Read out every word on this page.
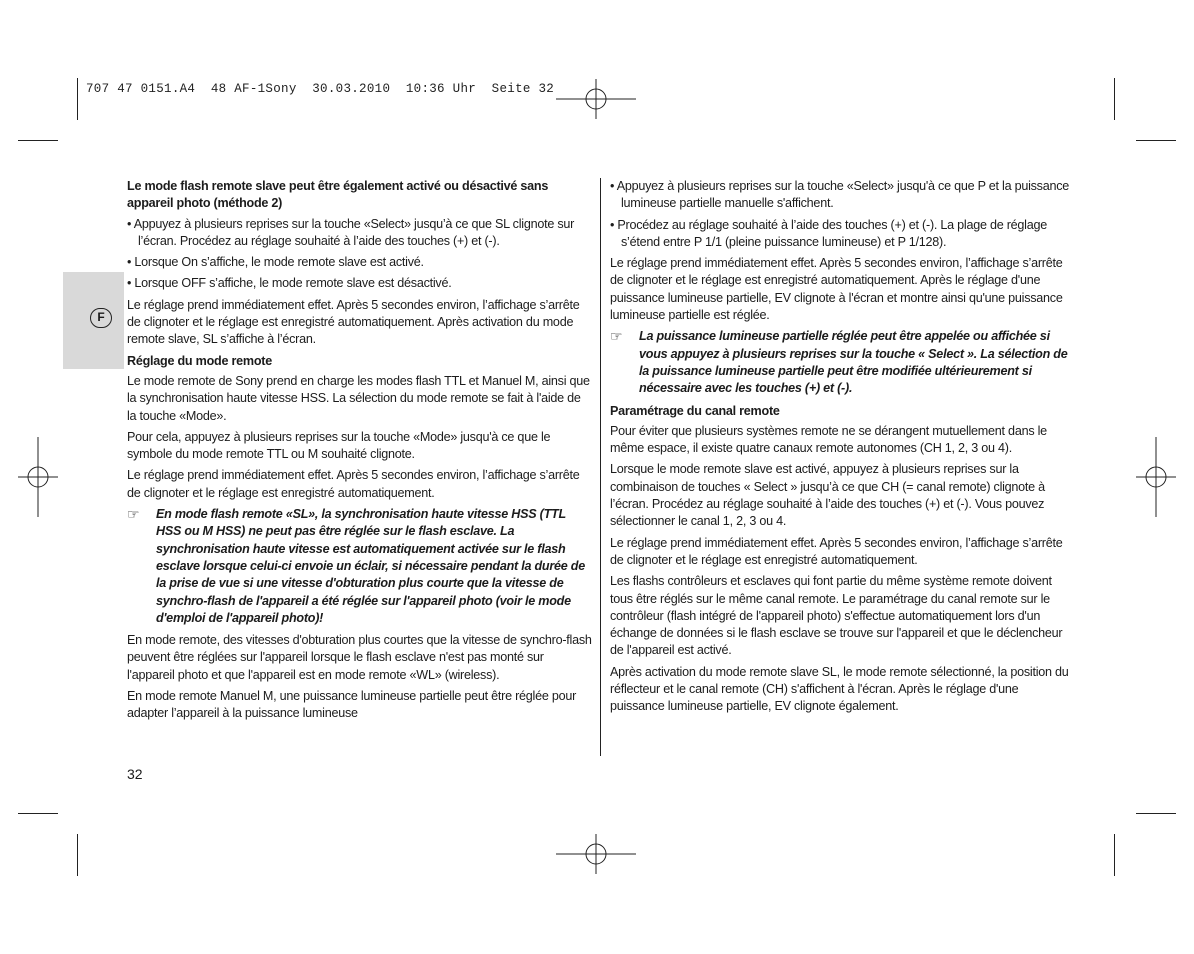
707 47 0151.A4  48 AF-1Sony  30.03.2010  10:36 Uhr  Seite 32
F

Le mode flash remote slave peut être également activé ou désactivé sans appareil photo (méthode 2)

• Appuyez à plusieurs reprises sur la touche «Select» jusqu’à ce que SL clignote sur l’écran. Procédez au réglage souhaité à l’aide des touches (+) et (-).

• Lorsque On s’affiche, le mode remote slave est activé.

• Lorsque OFF s’affiche, le mode remote slave est désactivé.

Le réglage prend immédiatement effet. Après 5 secondes environ, l’affichage s’arrête de clignoter et le réglage est enregistré automatiquement. Après activation du mode remote slave, SL s’affiche à l’écran.

Réglage du mode remote

Le mode remote de Sony prend en charge les modes flash TTL et Manuel M, ainsi que la synchronisation haute vitesse HSS. La sélection du mode remote se fait à l'aide de la touche «Mode».

Pour cela, appuyez à plusieurs reprises sur la touche «Mode» jusqu'à ce que le symbole du mode remote TTL ou M souhaité clignote.

Le réglage prend immédiatement effet. Après 5 secondes environ, l’affichage s’arrête de clignoter et le réglage est enregistré automatiquement.

☞ En mode flash remote «SL», la synchronisation haute vitesse HSS (TTL HSS ou M HSS) ne peut pas être réglée sur le flash esclave. La synchronisation haute vitesse est automatiquement activée sur le flash esclave lorsque celui-ci envoie un éclair, si nécessaire pendant la durée de la prise de vue si une vitesse d'obturation plus courte que la vitesse de synchro-flash de l'appareil a été réglée sur l'appareil photo (voir le mode d'emploi de l'appareil photo)!

En mode remote, des vitesses d'obturation plus courtes que la vitesse de synchro-flash peuvent être réglées sur l'appareil lorsque le flash esclave n'est pas monté sur l'appareil photo et que l'appareil est en mode remote «WL» (wireless).

En mode remote Manuel M, une puissance lumineuse partielle peut être réglée pour adapter l’appareil à la puissance lumineuse

• Appuyez à plusieurs reprises sur la touche «Select» jusqu'à ce que P et la puissance lumineuse partielle manuelle s'affichent.

• Procédez au réglage souhaité à l’aide des touches (+) et (-). La plage de réglage s’étend entre P 1/1 (pleine puissance lumineuse) et P 1/128).

Le réglage prend immédiatement effet. Après 5 secondes environ, l’affichage s’arrête de clignoter et le réglage est enregistré automatiquement. Après le réglage d'une puissance lumineuse partielle, EV clignote à l'écran et montre ainsi qu'une puissance lumineuse partielle est réglée.

☞ La puissance lumineuse partielle réglée peut être appelée ou affichée si vous appuyez à plusieurs reprises sur la touche « Select ». La sélection de la puissance lumineuse partielle peut être modifiée ultérieurement si nécessaire avec les touches (+) et (-).

Paramétrage du canal remote

Pour éviter que plusieurs systèmes remote ne se dérangent mutuellement dans le même espace, il existe quatre canaux remote autonomes (CH 1, 2, 3 ou 4).

Lorsque le mode remote slave est activé, appuyez à plusieurs reprises sur la combinaison de touches « Select » jusqu’à ce que CH (= canal remote) clignote à l’écran. Procédez au réglage souhaité à l’aide des touches (+) et (-). Vous pouvez sélectionner le canal 1, 2, 3 ou 4.

Le réglage prend immédiatement effet. Après 5 secondes environ, l’affichage s’arrête de clignoter et le réglage est enregistré automatiquement.

Les flashs contrôleurs et esclaves qui font partie du même système remote doivent tous être réglés sur le même canal remote. Le paramétrage du canal remote sur le contrôleur (flash intégré de l'appareil photo) s'effectue automatiquement lors d'un échange de données si le flash esclave se trouve sur l'appareil et que le déclencheur de l'appareil est activé.

Après activation du mode remote slave SL, le mode remote sélectionné, la position du réflecteur et le canal remote (CH) s'affichent à l'écran. Après le réglage d'une puissance lumineuse partielle, EV clignote également.

32
